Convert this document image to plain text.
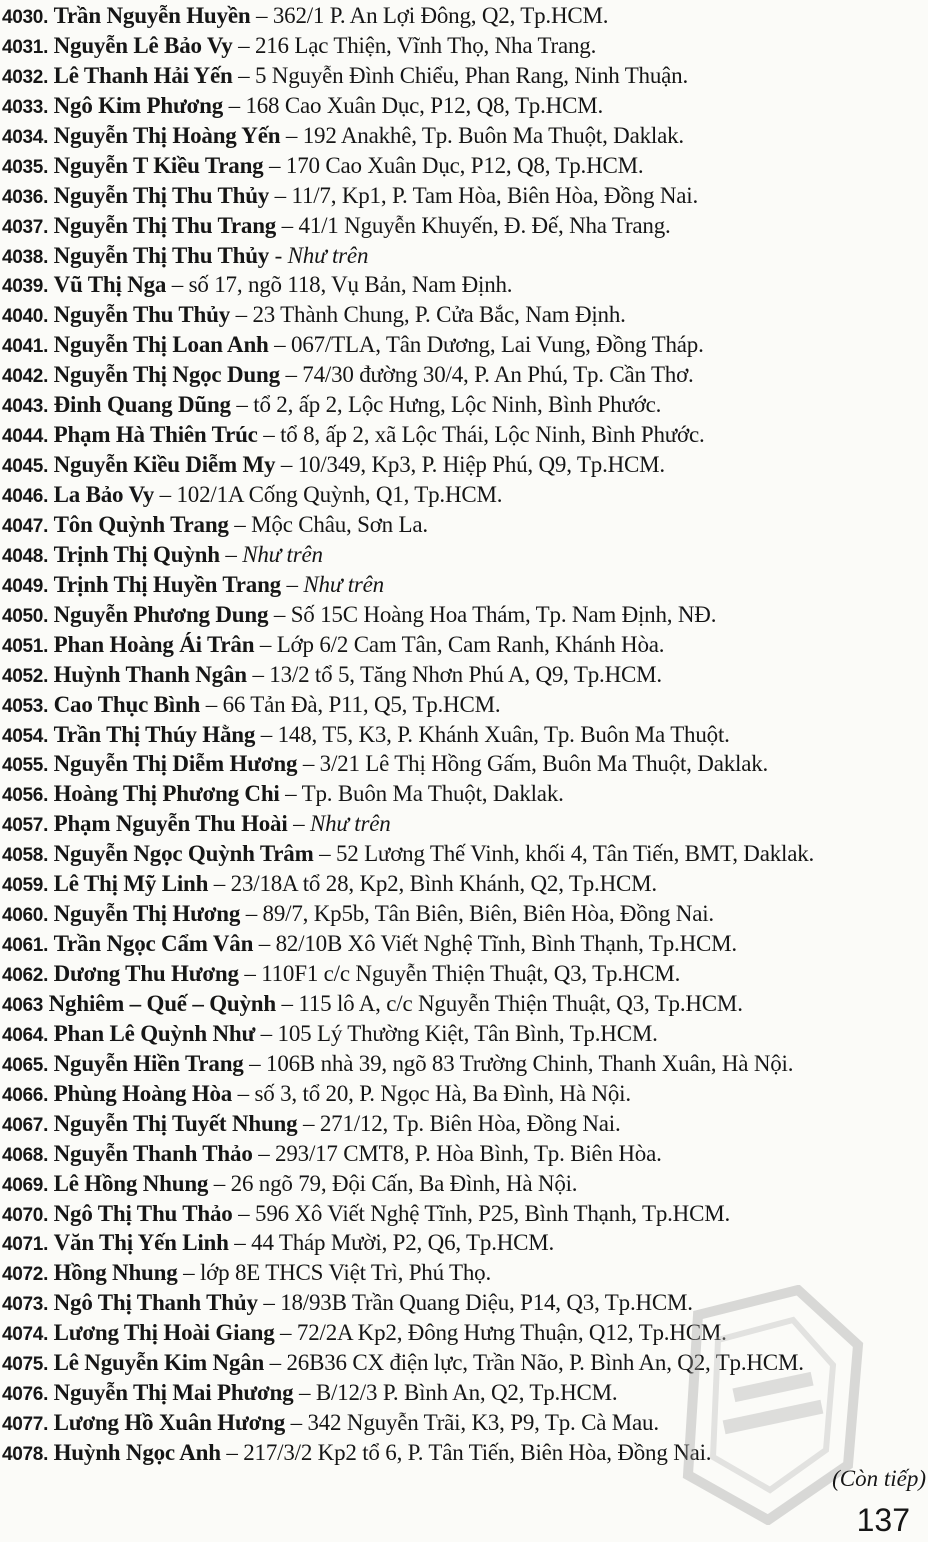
4030. Trần Nguyễn Huyền – 362/1 P. An Lợi Đông, Q2, Tp.HCM.
4031. Nguyễn Lê Bảo Vy – 216 Lạc Thiện, Vĩnh Thọ, Nha Trang.
4032. Lê Thanh Hải Yến – 5 Nguyễn Đình Chiểu, Phan Rang, Ninh Thuận.
4033. Ngô Kim Phương – 168 Cao Xuân Dục, P12, Q8, Tp.HCM.
4034. Nguyễn Thị Hoàng Yến – 192 Anakhê, Tp. Buôn Ma Thuột, Daklak.
4035. Nguyễn T Kiều Trang – 170 Cao Xuân Dục, P12, Q8, Tp.HCM.
4036. Nguyễn Thị Thu Thủy – 11/7, Kp1, P. Tam Hòa, Biên Hòa, Đồng Nai.
4037. Nguyễn Thị Thu Trang – 41/1 Nguyễn Khuyến, Đ. Đế, Nha Trang.
4038. Nguyễn Thị Thu Thủy - Như trên
4039. Vũ Thị Nga – số 17, ngõ 118, Vụ Bản, Nam Định.
4040. Nguyễn Thu Thủy – 23 Thành Chung, P. Cửa Bắc, Nam Định.
4041. Nguyễn Thị Loan Anh – 067/TLA, Tân Dương, Lai Vung, Đồng Tháp.
4042. Nguyễn Thị Ngọc Dung – 74/30 đường 30/4, P. An Phú, Tp. Cần Thơ.
4043. Đinh Quang Dũng – tổ 2, ấp 2, Lộc Hưng, Lộc Ninh, Bình Phước.
4044. Phạm Hà Thiên Trúc – tổ 8, ấp 2, xã Lộc Thái, Lộc Ninh, Bình Phước.
4045. Nguyễn Kiều Diễm My – 10/349, Kp3, P. Hiệp Phú, Q9, Tp.HCM.
4046. La Bảo Vy – 102/1A Cống Quỳnh, Q1, Tp.HCM.
4047. Tôn Quỳnh Trang – Mộc Châu, Sơn La.
4048. Trịnh Thị Quỳnh – Như trên
4049. Trịnh Thị Huyền Trang – Như trên
4050. Nguyễn Phương Dung – Số 15C Hoàng Hoa Thám, Tp. Nam Định, NĐ.
4051. Phan Hoàng Ái Trân – Lớp 6/2 Cam Tân, Cam Ranh, Khánh Hòa.
4052. Huỳnh Thanh Ngân – 13/2 tổ 5, Tăng Nhơn Phú A, Q9, Tp.HCM.
4053. Cao Thục Bình – 66 Tản Đà, P11, Q5, Tp.HCM.
4054. Trần Thị Thúy Hằng – 148, T5, K3, P. Khánh Xuân, Tp. Buôn Ma Thuột.
4055. Nguyễn Thị Diễm Hương – 3/21 Lê Thị Hồng Gấm, Buôn Ma Thuột, Daklak.
4056. Hoàng Thị Phương Chi – Tp. Buôn Ma Thuột, Daklak.
4057. Phạm Nguyễn Thu Hoài – Như trên
4058. Nguyễn Ngọc Quỳnh Trâm – 52 Lương Thế Vinh, khối 4, Tân Tiến, BMT, Daklak.
4059. Lê Thị Mỹ Linh – 23/18A tổ 28, Kp2, Bình Khánh, Q2, Tp.HCM.
4060. Nguyễn Thị Hương – 89/7, Kp5b, Tân Biên, Biên, Biên Hòa, Đồng Nai.
4061. Trần Ngọc Cẩm Vân – 82/10B Xô Viết Nghệ Tĩnh, Bình Thạnh, Tp.HCM.
4062. Dương Thu Hương – 110F1 c/c Nguyễn Thiện Thuật, Q3, Tp.HCM.
4063 Nghiêm – Quế – Quỳnh – 115 lô A, c/c Nguyễn Thiện Thuật, Q3, Tp.HCM.
4064. Phan Lê Quỳnh Như – 105 Lý Thường Kiệt, Tân Bình, Tp.HCM.
4065. Nguyễn Hiền Trang – 106B nhà 39, ngõ 83 Trường Chinh, Thanh Xuân, Hà Nội.
4066. Phùng Hoàng Hòa – số 3, tổ 20, P. Ngọc Hà, Ba Đình, Hà Nội.
4067. Nguyễn Thị Tuyết Nhung – 271/12, Tp. Biên Hòa, Đồng Nai.
4068. Nguyễn Thanh Thảo – 293/17 CMT8, P. Hòa Bình, Tp. Biên Hòa.
4069. Lê Hồng Nhung – 26 ngõ 79, Đội Cấn, Ba Đình, Hà Nội.
4070. Ngô Thị Thu Thảo – 596 Xô Viết Nghệ Tĩnh, P25, Bình Thạnh, Tp.HCM.
4071. Văn Thị Yến Linh – 44 Tháp Mười, P2, Q6, Tp.HCM.
4072. Hồng Nhung – lớp 8E THCS Việt Trì, Phú Thọ.
4073. Ngô Thị Thanh Thủy – 18/93B Trần Quang Diệu, P14, Q3, Tp.HCM.
4074. Lương Thị Hoài Giang – 72/2A Kp2, Đông Hưng Thuận, Q12, Tp.HCM.
4075. Lê Nguyễn Kim Ngân – 26B36 CX điện lực, Trần Não, P. Bình An, Q2, Tp.HCM.
4076. Nguyễn Thị Mai Phương – B/12/3 P. Bình An, Q2, Tp.HCM.
4077. Lương Hồ Xuân Hương – 342 Nguyễn Trãi, K3, P9, Tp. Cà Mau.
4078. Huỳnh Ngọc Anh – 217/3/2 Kp2 tổ 6, P. Tân Tiến, Biên Hòa, Đồng Nai.
(Còn tiếp)
137
